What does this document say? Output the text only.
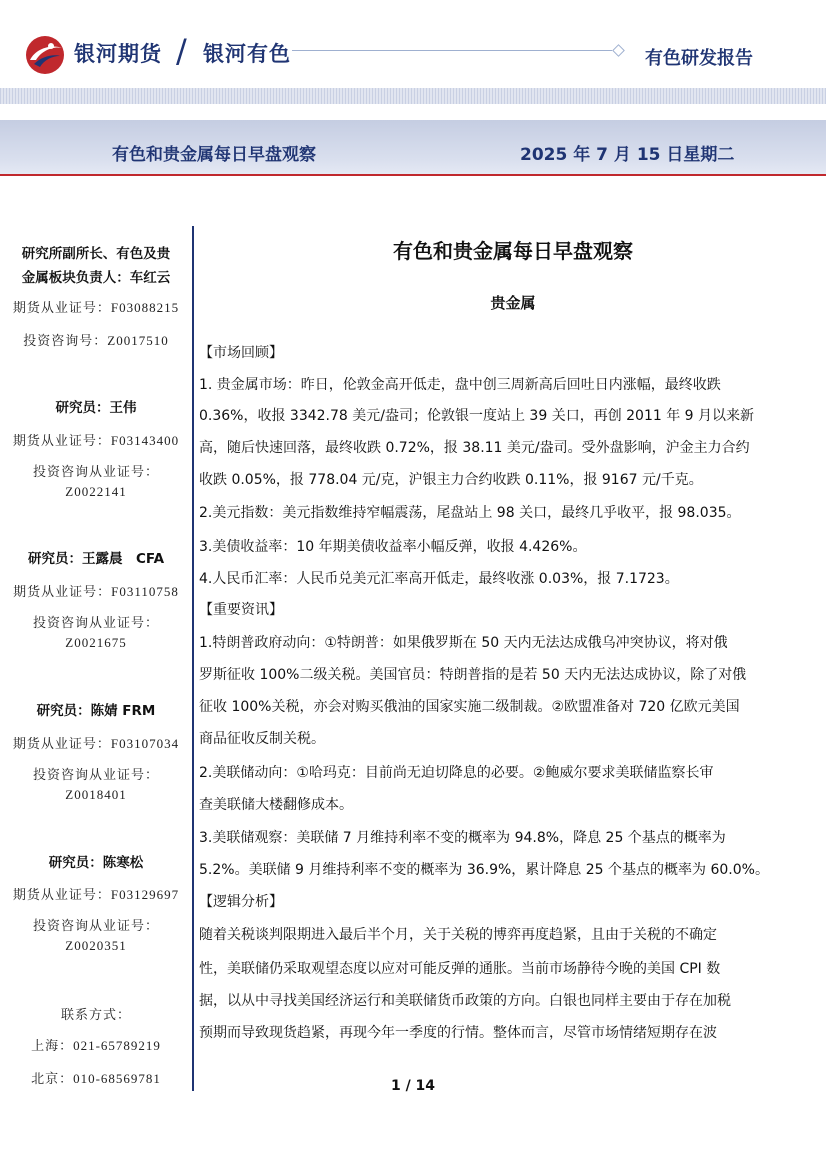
银河期货 / 银河有色	有色研发报告
有色和贵金属每日早盘观察	2025 年 7 月 15 日星期二
研究所副所长、有色及贵
金属板块负责人：车红云
期货从业证号：F03088215
投资咨询号：Z0017510
研究员：王伟
期货从业证号：F03143400
投资咨询从业证号：
Z0022141
研究员：王露晨　CFA
期货从业证号：F03110758
投资咨询从业证号：
Z0021675
研究员：陈婧 FRM
期货从业证号：F03107034
投资咨询从业证号：
Z0018401
研究员：陈寒松
期货从业证号：F03129697
投资咨询从业证号：
Z0020351
联系方式：
上海：021-65789219
北京：010-68569781
有色和贵金属每日早盘观察
贵金属
【市场回顾】
1. 贵金属市场：昨日，伦敦金高开低走，盘中创三周新高后回吐日内涨幅，最终收跌
0.36%，收报 3342.78 美元/盎司；伦敦银一度站上 39 关口，再创 2011 年 9 月以来新
高，随后快速回落，最终收跌 0.72%，报 38.11 美元/盎司。受外盘影响，沪金主力合约
收跌 0.05%，报 778.04 元/克，沪银主力合约收跌 0.11%，报 9167 元/千克。
2.美元指数：美元指数维持窄幅震荡，尾盘站上 98 关口，最终几乎收平，报 98.035。
3.美债收益率：10 年期美债收益率小幅反弹，收报 4.426%。
4.人民币汇率：人民币兑美元汇率高开低走，最终收涨 0.03%，报 7.1723。
【重要资讯】
1.特朗普政府动向：①特朗普：如果俄罗斯在 50 天内无法达成俄乌冲突协议，将对俄
罗斯征收 100%二级关税。美国官员：特朗普指的是若 50 天内无法达成协议，除了对俄
征收 100%关税，亦会对购买俄油的国家实施二级制裁。②欧盟准备对 720 亿欧元美国
商品征收反制关税。
2.美联储动向：①哈玛克：目前尚无迫切降息的必要。②鲍威尔要求美联储监察长审
查美联储大楼翻修成本。
3.美联储观察：美联储 7 月维持利率不变的概率为 94.8%，降息 25 个基点的概率为
5.2%。美联储 9 月维持利率不变的概率为 36.9%，累计降息 25 个基点的概率为 60.0%。
【逻辑分析】
随着关税谈判限期进入最后半个月，关于关税的博弈再度趋紧，且由于关税的不确定
性，美联储仍采取观望态度以应对可能反弹的通胀。当前市场静待今晚的美国 CPI 数
据，以从中寻找美国经济运行和美联储货币政策的方向。白银也同样主要由于存在加税
预期而导致现货趋紧，再现今年一季度的行情。整体而言，尽管市场情绪短期存在波
1 / 14
